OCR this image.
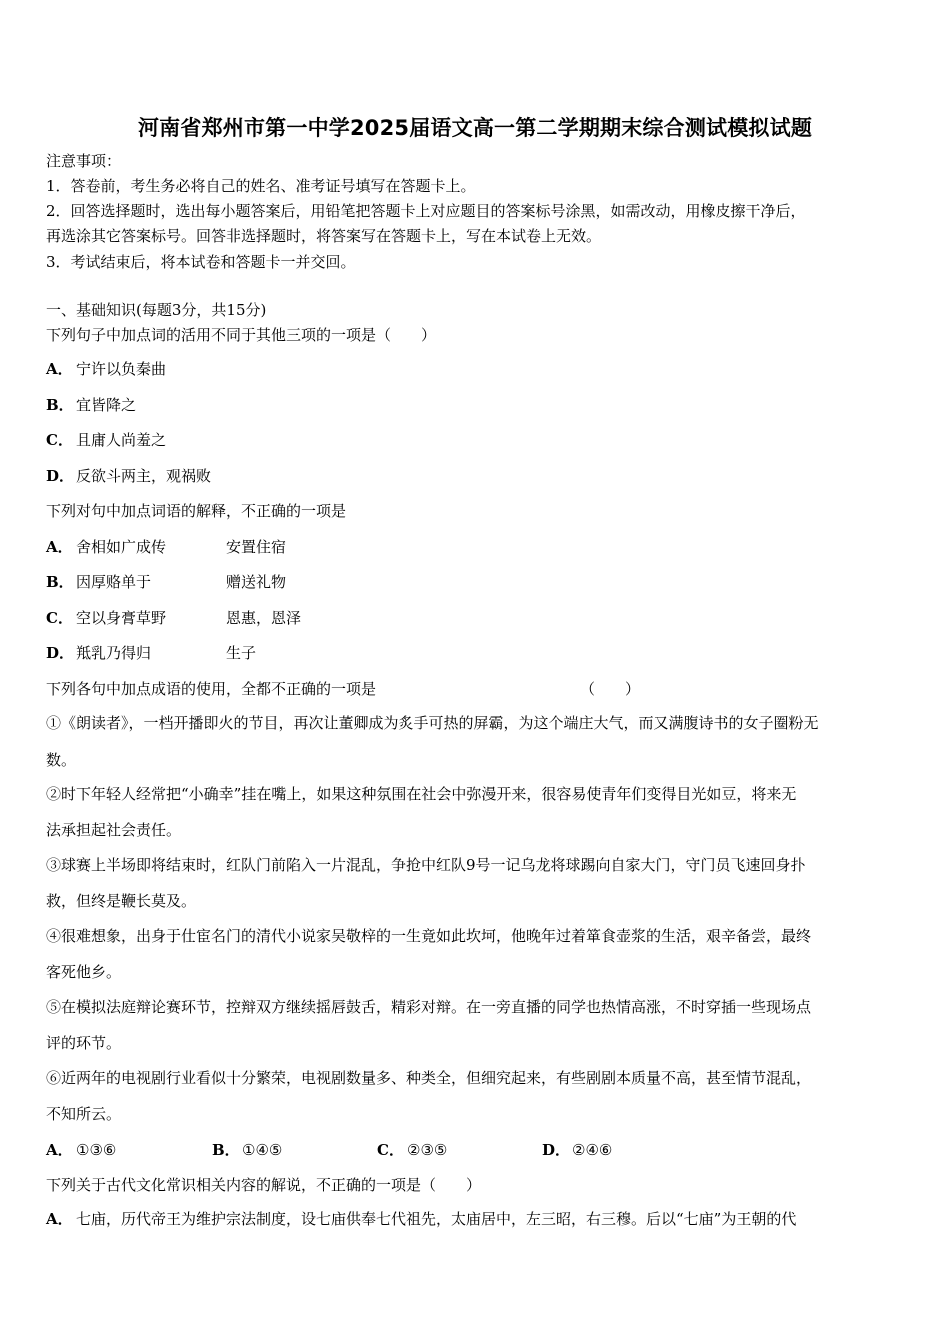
河南省郑州市第一中学2025届语文高一第二学期期末综合测试模拟试题
注意事项：
1．答卷前，考生务必将自己的姓名、准考证号填写在答题卡上。
2．回答选择题时，选出每小题答案后，用铅笔把答题卡上对应题目的答案标号涂黑，如需改动，用橡皮擦干净后，
再选涂其它答案标号。回答非选择题时，将答案写在答题卡上，写在本试卷上无效。
3．考试结束后，将本试卷和答题卡一并交回。
一、基础知识(每题3分，共15分)
下列句子中加点词的活用不同于其他三项的一项是（　　）
A． 宁许以负秦曲
B． 宜皆降之
C． 且庸人尚羞之
D． 反欲斗两主，观祸败
下列对句中加点词语的解释，不正确的一项是
A． 舍相如广成传	安置住宿
B． 因厚赂单于	赠送礼物
C． 空以身膏草野	恩惠，恩泽
D． 羝乳乃得归	生子
下列各句中加点成语的使用，全都不正确的一项是	（　　）
①《朗读者》，一档开播即火的节目，再次让董卿成为炙手可热的屏霸，为这个端庄大气，而又满腹诗书的女子圈粉无
数。
②时下年轻人经常把“小确幸”挂在嘴上，如果这种氛围在社会中弥漫开来，很容易使青年们变得目光如豆，将来无
法承担起社会责任。
③球赛上半场即将结束时，红队门前陷入一片混乱，争抢中红队9号一记乌龙将球踢向自家大门，守门员飞速回身扑
救，但终是鞭长莫及。
④很难想象，出身于仕宦名门的清代小说家吴敬梓的一生竟如此坎坷，他晚年过着箪食壶浆的生活，艰辛备尝，最终
客死他乡。
⑤在模拟法庭辩论赛环节，控辩双方继续摇唇鼓舌，精彩对辩。在一旁直播的同学也热情高涨，不时穿插一些现场点
评的环节。
⑥近两年的电视剧行业看似十分繁荣，电视剧数量多、种类全，但细究起来，有些剧剧本质量不高，甚至情节混乱，
不知所云。
A． ①③⑥	B． ①④⑤	C． ②③⑤	D． ②④⑥
下列关于古代文化常识相关内容的解说，不正确的一项是（　　）
A． 七庙，历代帝王为维护宗法制度，设七庙供奉七代祖先，太庙居中，左三昭，右三穆。后以“七庙”为王朝的代
